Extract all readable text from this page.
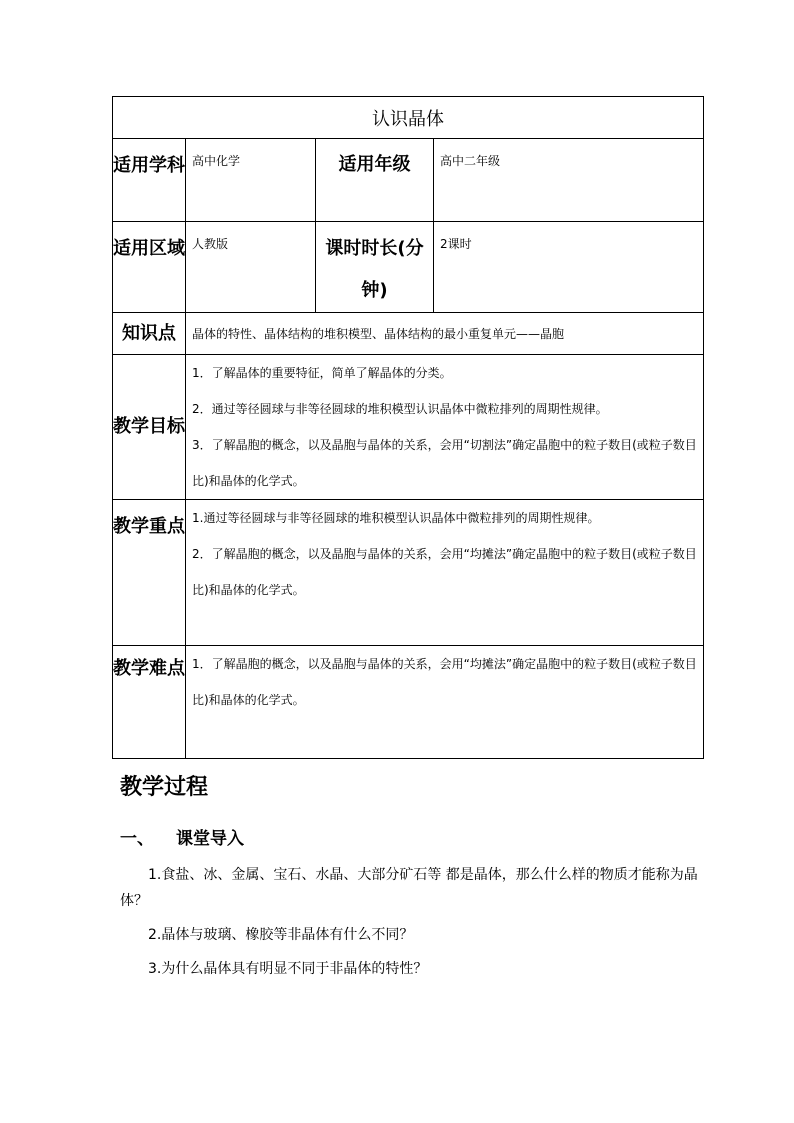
认识晶体			
适用学科	高中化学	适用年级	高中二年级
适用区域	人教版	课时时长(分钟)	2课时
知识点	晶体的特性、晶体结构的堆积模型、晶体结构的最小重复单元——晶胞		
教学目标	1．了解晶体的重要特征，简单了解晶体的分类。

2．通过等径圆球与非等径圆球的堆积模型认识晶体中微粒排列的周期性规律。

3．了解晶胞的概念，以及晶胞与晶体的关系，会用“切割法”确定晶胞中的粒子数目(或粒子数目比)和晶体的化学式。		

教学重点	1.通过等径圆球与非等径圆球的堆积模型认识晶体中微粒排列的周期性规律。

2．了解晶胞的概念，以及晶胞与晶体的关系，会用“均摊法”确定晶胞中的粒子数目(或粒子数目比)和晶体的化学式。		

教学难点	1．了解晶胞的概念，以及晶胞与晶体的关系，会用“均摊法”确定晶胞中的粒子数目(或粒子数目比)和晶体的化学式。		

教学过程
一、 课堂导入

1.食盐、冰、金属、宝石、水晶、大部分矿石等 都是晶体，那么什么样的物质才能称为晶体？

2.晶体与玻璃、橡胶等非晶体有什么不同？

3.为什么晶体具有明显不同于非晶体的特性？
